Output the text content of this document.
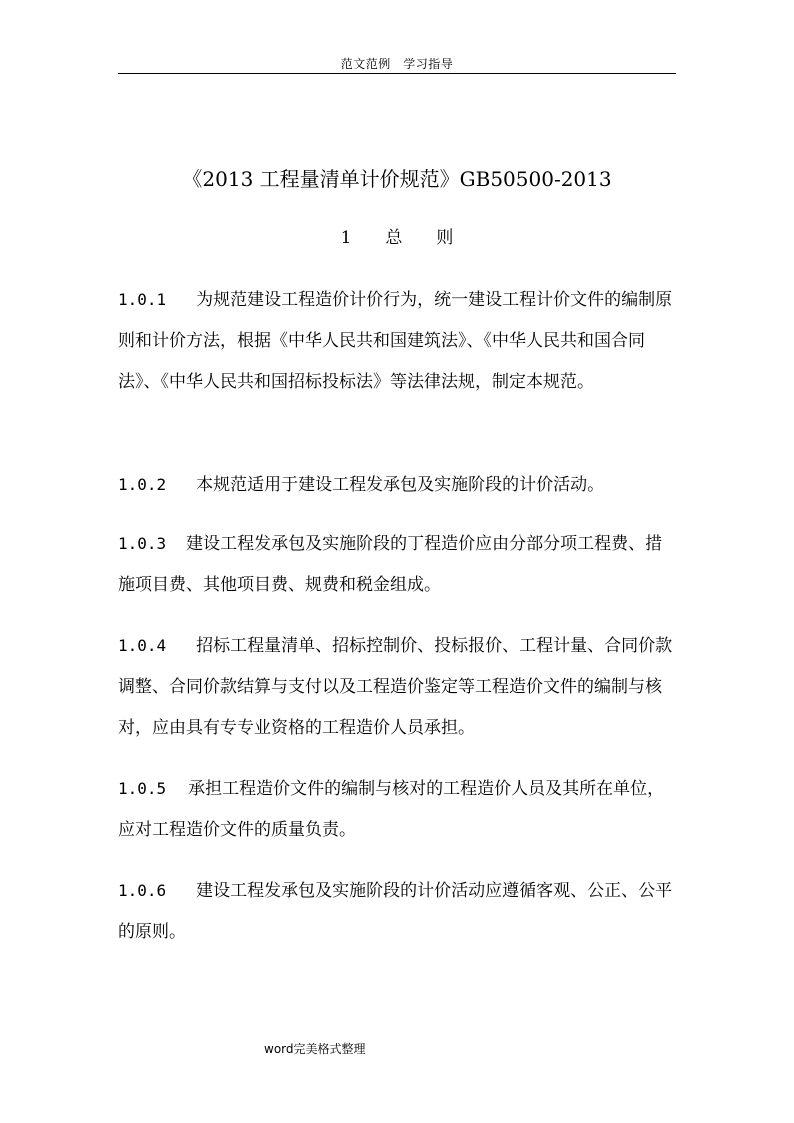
范文范例　学习指导
《2013 工程量清单计价规范》GB50500-2013
1　　总　　则

1.0.1 为规范建设工程造价计价行为，统一建设工程计价文件的编制原则和计价方法，根据《中华人民共和国建筑法》、《中华人民共和国合同法》、《中华人民共和国招标投标法》等法律法规，制定本规范。

1.0.2 本规范适用于建设工程发承包及实施阶段的计价活动。

1.0.3 建设工程发承包及实施阶段的丁程造价应由分部分项工程费、措施项目费、其他项目费、规费和税金组成。

1.0.4 招标工程量清单、招标控制价、投标报价、工程计量、合同价款调整、合同价款结算与支付以及工程造价鉴定等工程造价文件的编制与核对，应由具有专专业资格的工程造价人员承担。

1.0.5 承担工程造价文件的编制与核对的工程造价人员及其所在单位，应对工程造价文件的质量负责。

1.0.6 建设工程发承包及实施阶段的计价活动应遵循客观、公正、公平的原则。

word完美格式整理
